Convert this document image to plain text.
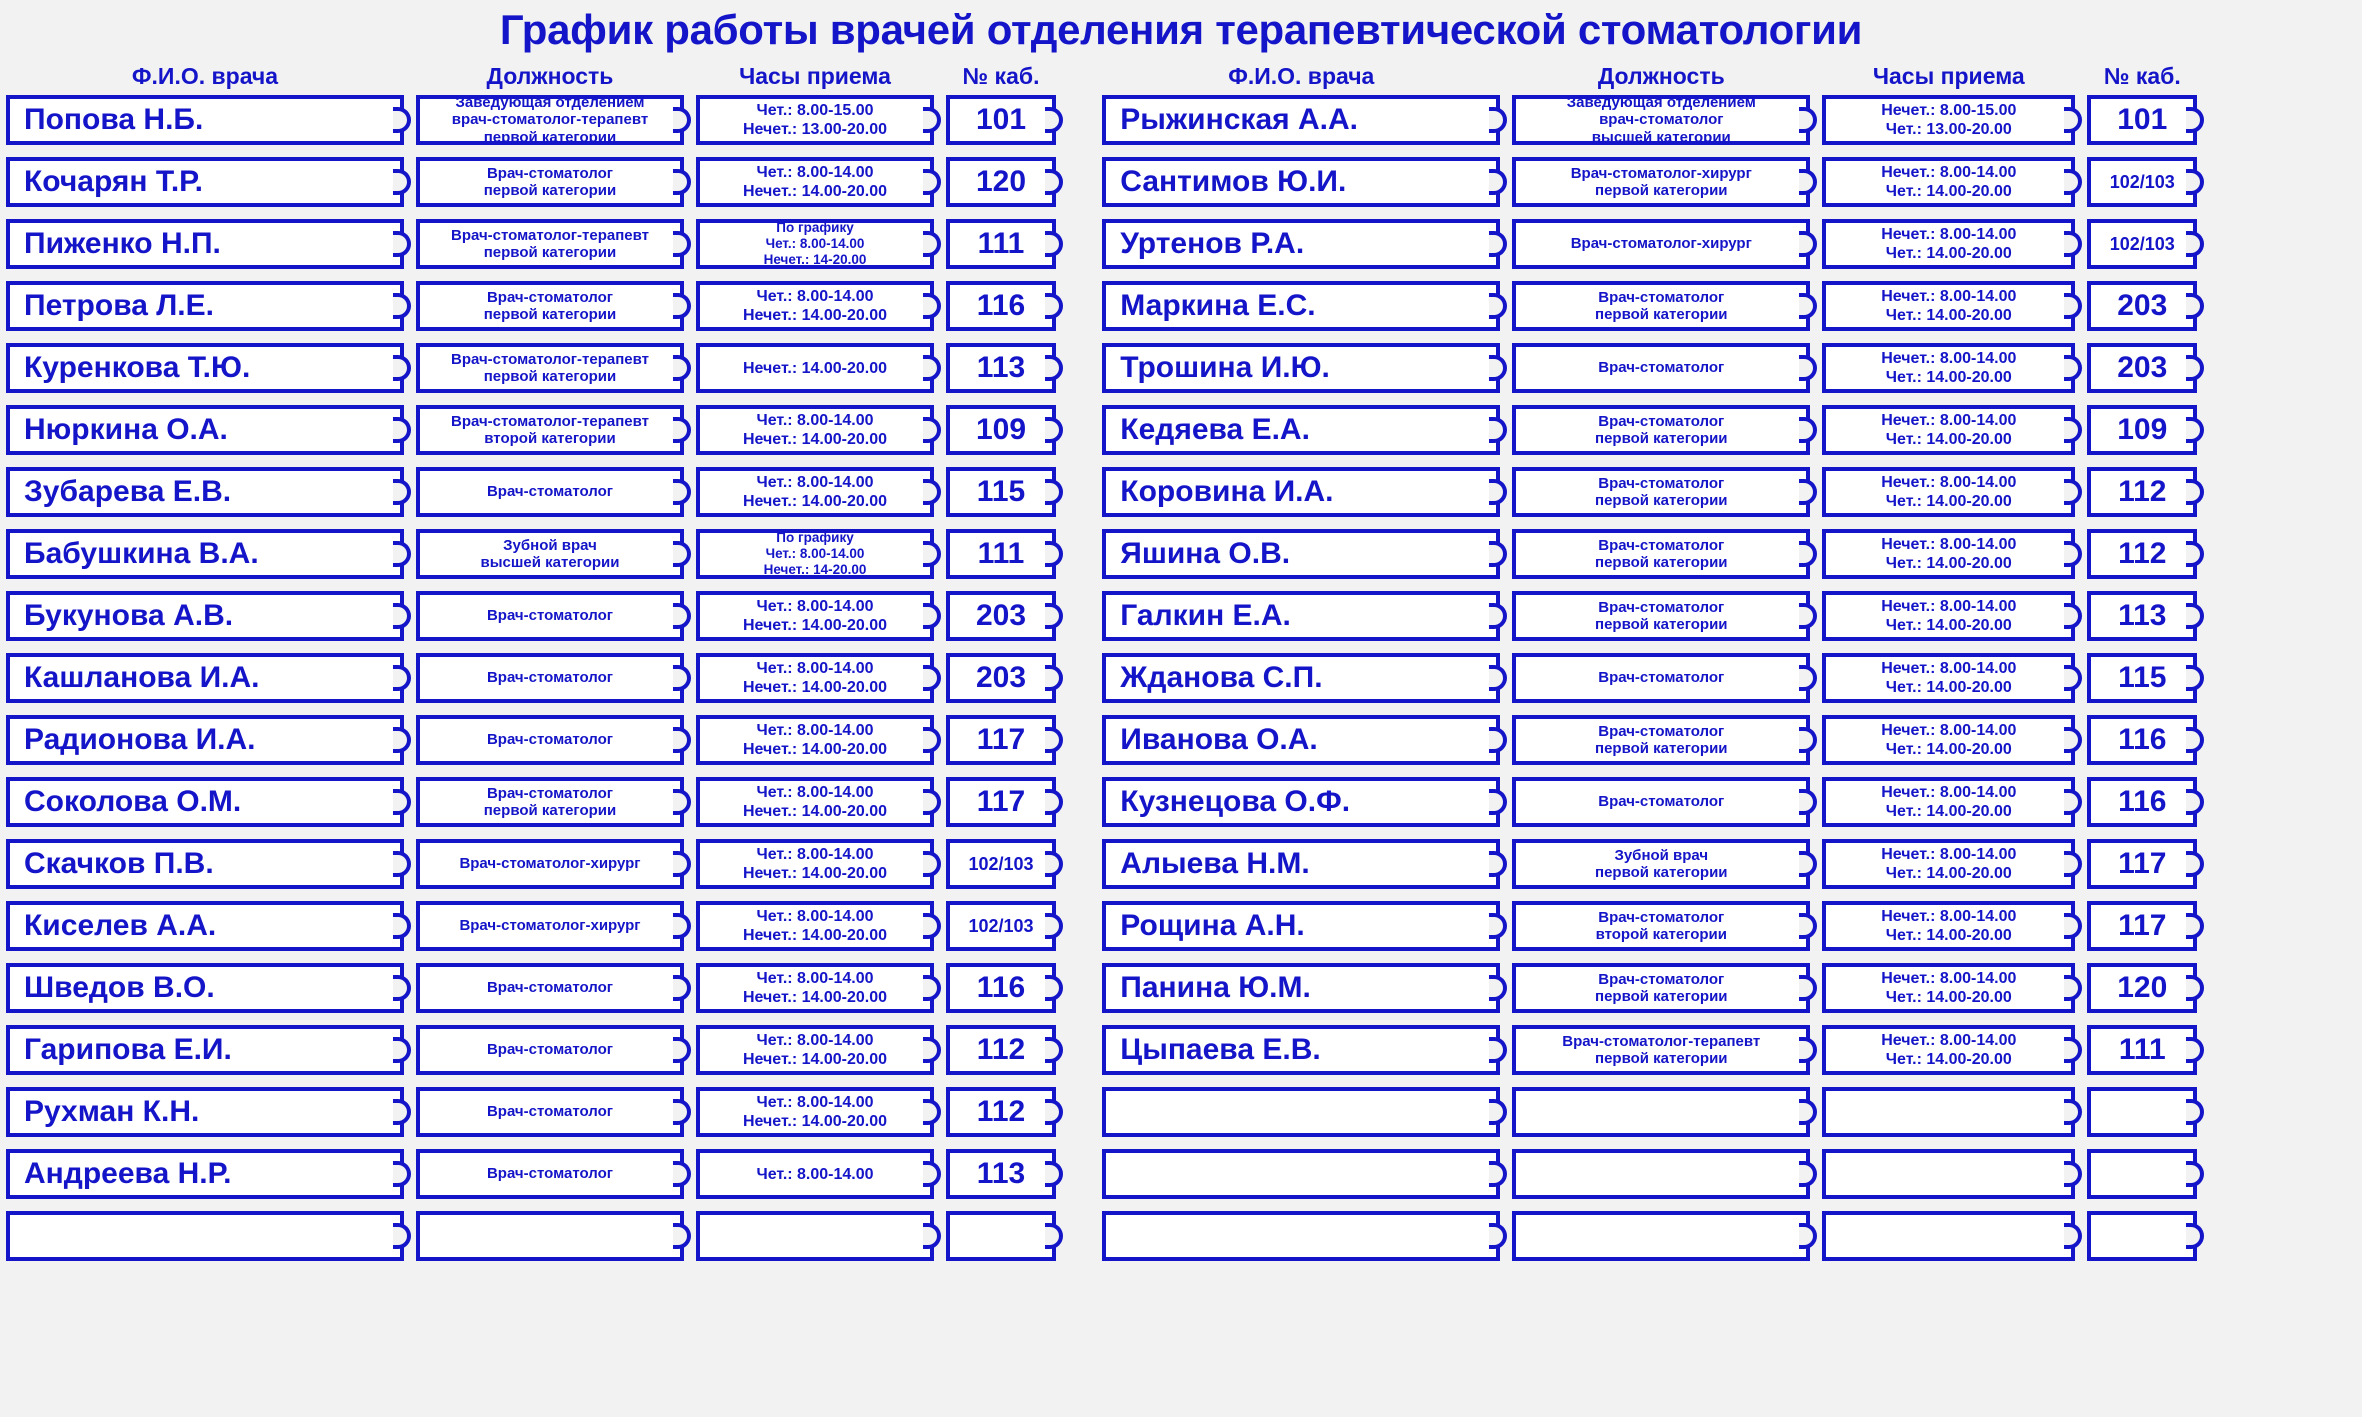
График работы врачей отделения терапевтической стоматологии
Ф.И.О. врача	Должность	Часы приема	№ каб.
Попова Н.Б.
Заведующая отделением
врач-стоматолог-терапевт
первой категории
Чет.: 8.00-15.00
Нечет.: 13.00-20.00	101
Кочарян Т.Р.	Врач-стоматолог
первой категории
Чет.: 8.00-14.00
Нечет.: 14.00-20.00	120
Пиженко Н.П.	Врач-стоматолог-терапевт
первой категории
По графику
Чет.: 8.00-14.00
Нечет.: 14-20.00	111
Петрова Л.Е.	Врач-стоматолог
первой категории
Чет.: 8.00-14.00
Нечет.: 14.00-20.00	116
Куренкова Т.Ю.	Врач-стоматолог-терапевт
первой категории
Нечет.: 14.00-20.00	113
Нюркина О.А.	Врач-стоматолог-терапевт
второй категории
Чет.: 8.00-14.00
Нечет.: 14.00-20.00	109
Зубарева Е.В.	Врач-стоматолог
Чет.: 8.00-14.00
Нечет.: 14.00-20.00	115
Бабушкина В.А.	Зубной врач
высшей категории
По графику
Чет.: 8.00-14.00
Нечет.: 14-20.00	111
Букунова А.В.	Врач-стоматолог
Чет.: 8.00-14.00
Нечет.: 14.00-20.00	203
Кашланова И.А.	Врач-стоматолог
Чет.: 8.00-14.00
Нечет.: 14.00-20.00	203
Радионова И.А.	Врач-стоматолог
Чет.: 8.00-14.00
Нечет.: 14.00-20.00	117
Соколова О.М.	Врач-стоматолог
первой категории
Чет.: 8.00-14.00
Нечет.: 14.00-20.00	117
Скачков П.В.	Врач-стоматолог-хирург
Чет.: 8.00-14.00
Нечет.: 14.00-20.00	102/103
Киселев А.А.	Врач-стоматолог-хирург
Чет.: 8.00-14.00
Нечет.: 14.00-20.00	102/103
Шведов В.О.	Врач-стоматолог
Чет.: 8.00-14.00
Нечет.: 14.00-20.00	116
Гарипова Е.И.	Врач-стоматолог
Чет.: 8.00-14.00
Нечет.: 14.00-20.00	112
Рухман К.Н.	Врач-стоматолог
Чет.: 8.00-14.00
Нечет.: 14.00-20.00	112
Андреева Н.Р.	Врач-стоматолог	Чет.: 8.00-14.00	113
Ф.И.О. врача	Должность	Часы приема	№ каб.
Рыжинская А.А.
Заведующая отделением
врач-стоматолог
высшей категории
Нечет.: 8.00-15.00
Чет.: 13.00-20.00	101
Сантимов Ю.И.	Врач-стоматолог-хирург
первой категории
Нечет.: 8.00-14.00
Чет.: 14.00-20.00	102/103
Уртенов Р.А.	Врач-стоматолог-хирург
Нечет.: 8.00-14.00
Чет.: 14.00-20.00	102/103
Маркина Е.С.	Врач-стоматолог
первой категории
Нечет.: 8.00-14.00
Чет.: 14.00-20.00	203
Трошина И.Ю.	Врач-стоматолог
Нечет.: 8.00-14.00
Чет.: 14.00-20.00	203
Кедяева Е.А.	Врач-стоматолог
первой категории
Нечет.: 8.00-14.00
Чет.: 14.00-20.00	109
Коровина И.А.	Врач-стоматолог
первой категории
Нечет.: 8.00-14.00
Чет.: 14.00-20.00	112
Яшина О.В.	Врач-стоматолог
первой категории
Нечет.: 8.00-14.00
Чет.: 14.00-20.00	112
Галкин Е.А.	Врач-стоматолог
первой категории
Нечет.: 8.00-14.00
Чет.: 14.00-20.00	113
Жданова С.П.	Врач-стоматолог
Нечет.: 8.00-14.00
Чет.: 14.00-20.00	115
Иванова О.А.	Врач-стоматолог
первой категории
Нечет.: 8.00-14.00
Чет.: 14.00-20.00	116
Кузнецова О.Ф.	Врач-стоматолог
Нечет.: 8.00-14.00
Чет.: 14.00-20.00	116
Алыева Н.М.	Зубной врач
первой категории
Нечет.: 8.00-14.00
Чет.: 14.00-20.00	117
Рощина А.Н.	Врач-стоматолог
второй категории
Нечет.: 8.00-14.00
Чет.: 14.00-20.00	117
Панина Ю.М.	Врач-стоматолог
первой категории
Нечет.: 8.00-14.00
Чет.: 14.00-20.00	120
Цыпаева Е.В.	Врач-стоматолог-терапевт
первой категории
Нечет.: 8.00-14.00
Чет.: 14.00-20.00	111
